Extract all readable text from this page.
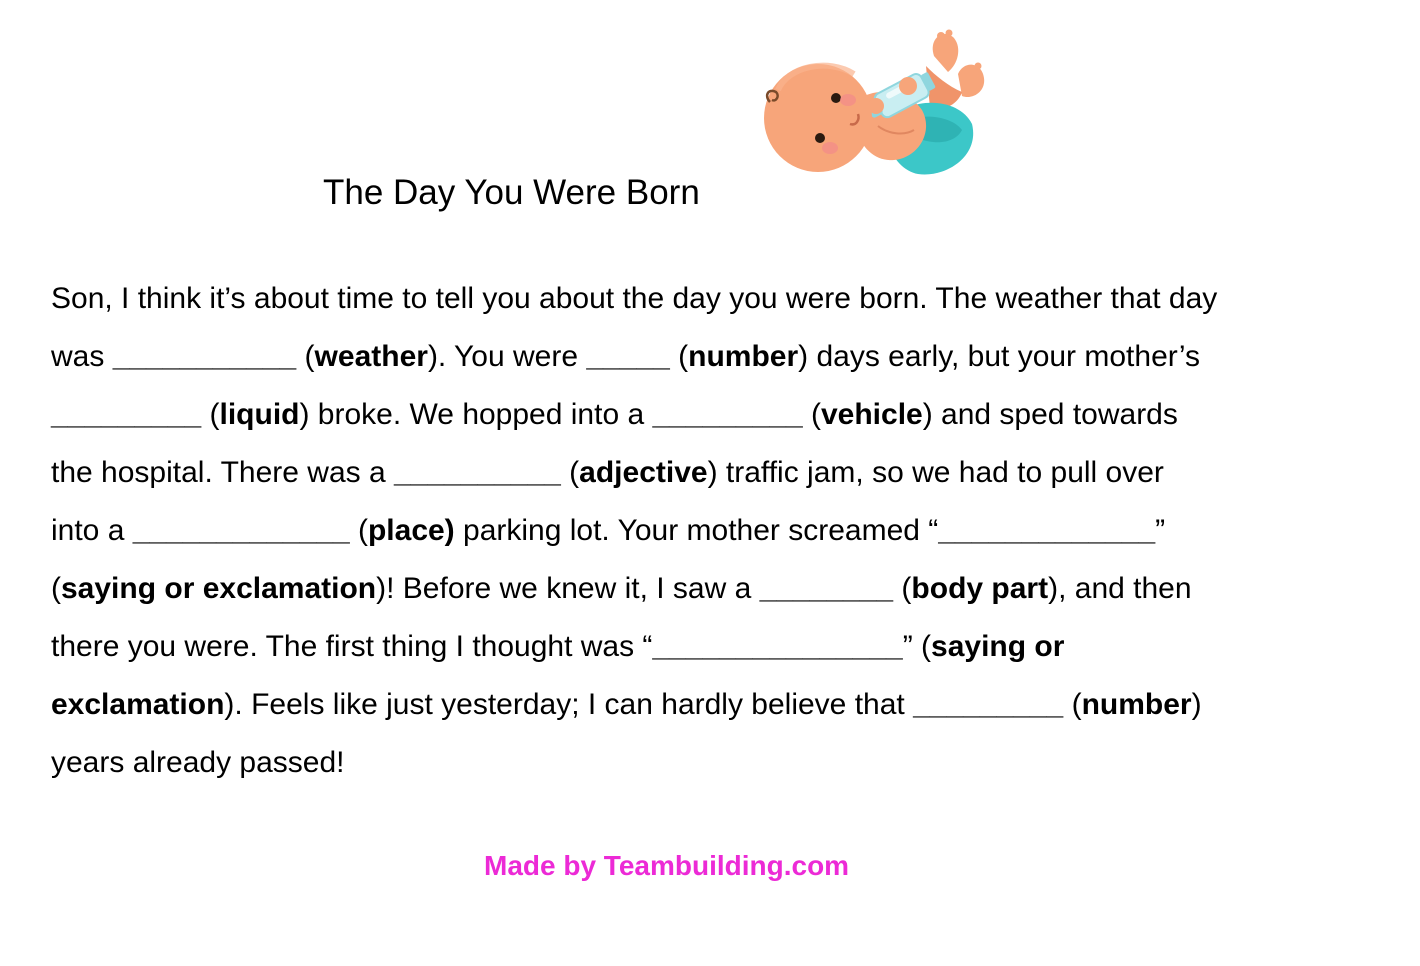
The Day You Were Born
Son, I think it’s about time to tell you about the day you were born. The weather that day
was ___________ (weather). You were _____ (number) days early, but your mother’s
_________ (liquid) broke. We hopped into a _________ (vehicle) and sped towards
the hospital. There was a __________ (adjective) traffic jam, so we had to pull over
into a _____________ (place) parking lot. Your mother screamed “_____________”
(saying or exclamation)! Before we knew it, I saw a ________ (body part), and then
there you were. The first thing I thought was “_______________” (saying or
exclamation). Feels like just yesterday; I can hardly believe that _________ (number)
years already passed!
Made by Teambuilding.com
